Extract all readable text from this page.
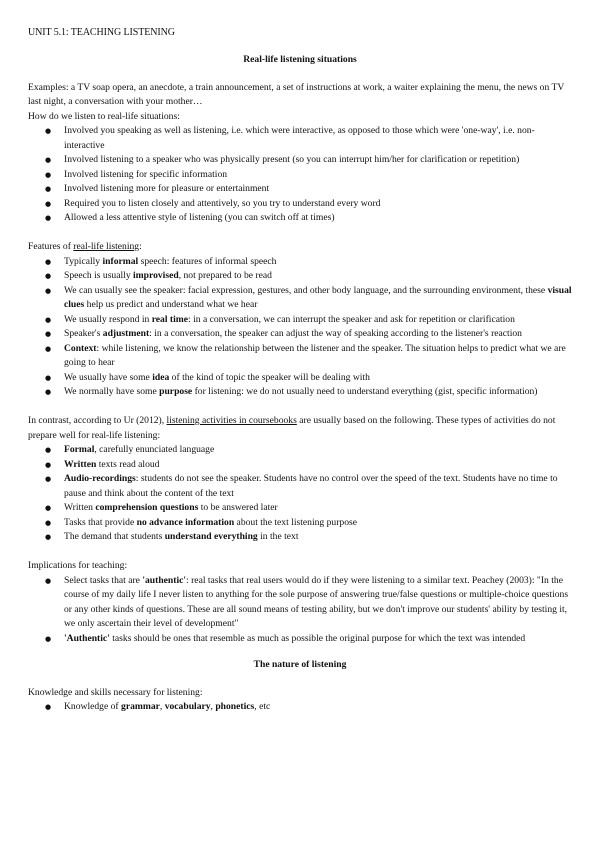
UNIT 5.1: TEACHING LISTENING

Real-life listening situations

Examples: a TV soap opera, an anecdote, a train announcement, a set of instructions at work, a waiter explaining the menu, the news on TV last night, a conversation with your mother…

How do we listen to real-life situations:

● Involved you speaking as well as listening, i.e. which were interactive, as opposed to those which were 'one-way', i.e. non-interactive
● Involved listening to a speaker who was physically present (so you can interrupt him/her for clarification or repetition)
● Involved listening for specific information
● Involved listening more for pleasure or entertainment
● Required you to listen closely and attentively, so you try to understand every word
● Allowed a less attentive style of listening (you can switch off at times)

Features of real-life listening:

● Typically informal speech: features of informal speech
● Speech is usually improvised, not prepared to be read
● We can usually see the speaker: facial expression, gestures, and other body language, and the surrounding environment, these visual clues help us predict and understand what we hear
● We usually respond in real time: in a conversation, we can interrupt the speaker and ask for repetition or clarification
● Speaker's adjustment: in a conversation, the speaker can adjust the way of speaking according to the listener's reaction
● Context: while listening, we know the relationship between the listener and the speaker. The situation helps to predict what we are going to hear
● We usually have some idea of the kind of topic the speaker will be dealing with
● We normally have some purpose for listening: we do not usually need to understand everything (gist, specific information)

In contrast, according to Ur (2012), listening activities in coursebooks are usually based on the following. These types of activities do not prepare well for real-life listening:

● Formal, carefully enunciated language
● Written texts read aloud
● Audio-recordings: students do not see the speaker. Students have no control over the speed of the text. Students have no time to pause and think about the content of the text
● Written comprehension questions to be answered later
● Tasks that provide no advance information about the text listening purpose
● The demand that students understand everything in the text

Implications for teaching:

● Select tasks that are 'authentic': real tasks that real users would do if they were listening to a similar text. Peachey (2003): "In the course of my daily life I never listen to anything for the sole purpose of answering true/false questions or multiple-choice questions or any other kinds of questions. These are all sound means of testing ability, but we don't improve our students' ability by testing it, we only ascertain their level of development"
● 'Authentic' tasks should be ones that resemble as much as possible the original purpose for which the text was intended

The nature of listening

Knowledge and skills necessary for listening:

● Knowledge of grammar, vocabulary, phonetics, etc
